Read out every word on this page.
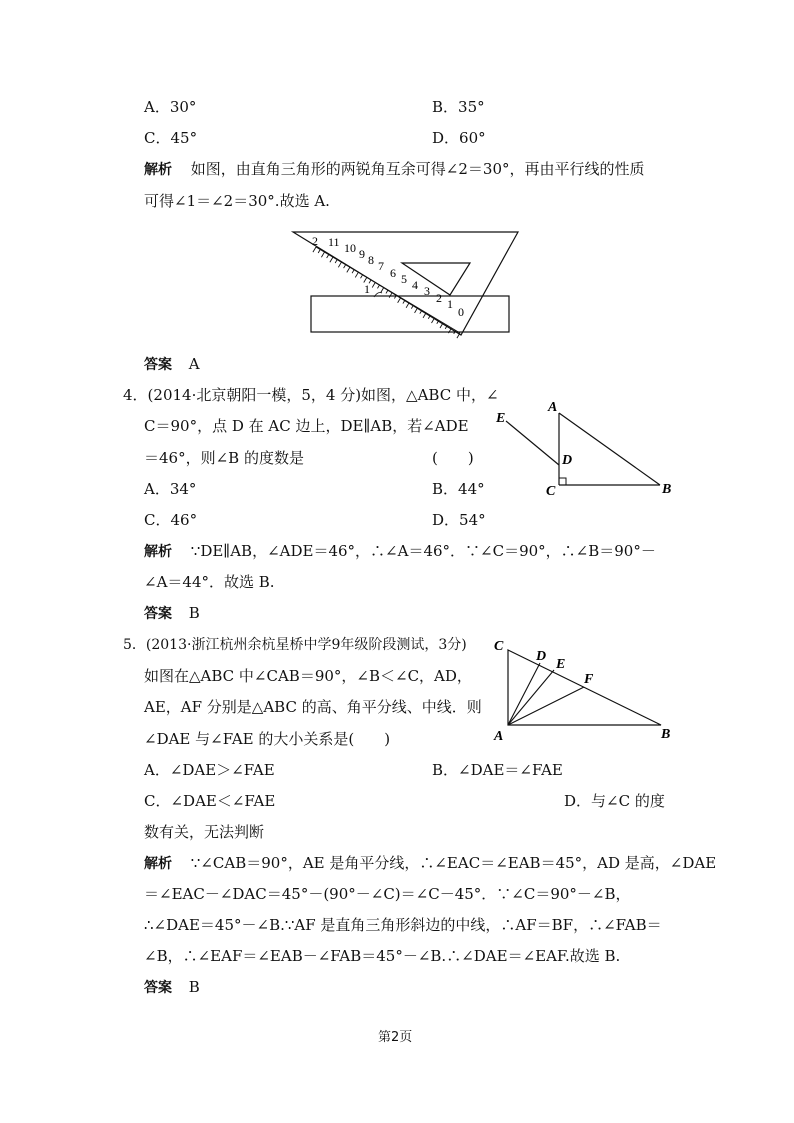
A．30°	B．35°
C．45°	D．60°
解析 如图，由直角三角形的两锐角互余可得∠2＝30°，再由平行线的性质
可得∠1＝∠2＝30°.故选 A.
2 11 10 9 8 7 6 5 4 3 2 1
0
1
答案 A
4．(2014·北京朝阳一模，5，4 分)如图，△ABC 中，∠
C＝90°，点 D 在 AC 边上，DE∥AB，若∠ADE
＝46°，则∠B 的度数是	(　　)
A．34°	B．44°
C．46°	D．54°
E
A
D
C	B
解析 ∵DE∥AB，∠ADE＝46°，∴∠A＝46°．∵∠C＝90°，∴∠B＝90°－
∠A＝44°．故选 B.
答案 B
5．(2013·浙江杭州余杭星桥中学9年级阶段测试，3分)
如图在△ABC 中∠CAB＝90°，∠B＜∠C，AD，
AE，AF 分别是△ABC 的高、角平分线、中线．则
∠DAE 与∠FAE 的大小关系是(　　)
C
D
E
F
A	B
A．∠DAE＞∠FAE	B．∠DAE＝∠FAE
C．∠DAE＜∠FAE	D．与∠C 的度
数有关，无法判断
解析 ∵∠CAB＝90°，AE 是角平分线，∴∠EAC＝∠EAB＝45°，AD 是高，∠DAE
＝∠EAC－∠DAC＝45°－(90°－∠C)＝∠C－45°．∵∠C＝90°－∠B，
∴∠DAE＝45°－∠B.∵AF 是直角三角形斜边的中线，∴AF＝BF，∴∠FAB＝
∠B，∴∠EAF＝∠EAB－∠FAB＝45°－∠B.∴∠DAE＝∠EAF.故选 B.
答案 B
第2页
